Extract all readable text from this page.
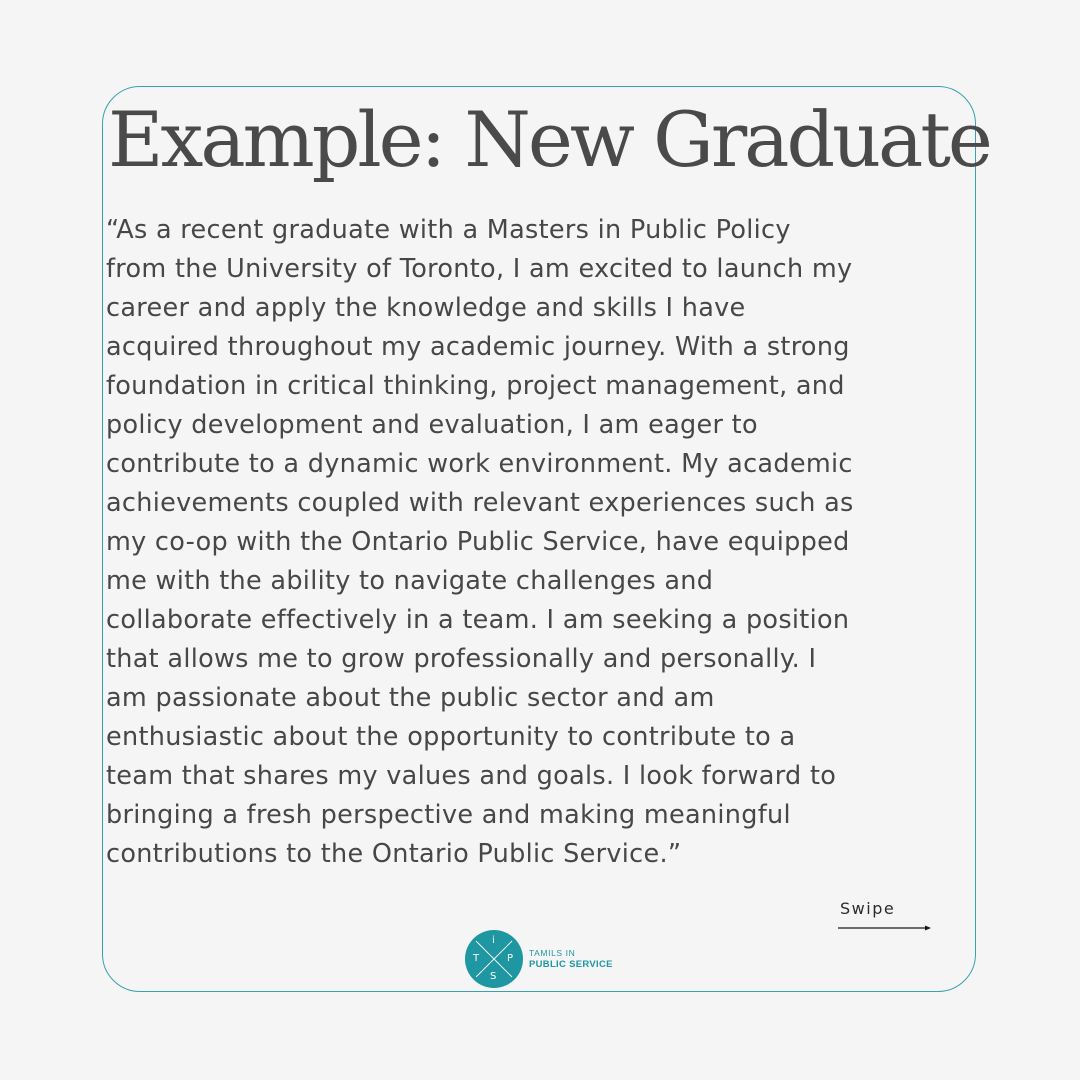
Example: New Graduate

“As a recent graduate with a Masters in Public Policy
from the University of Toronto, I am excited to launch my
career and apply the knowledge and skills I have
acquired throughout my academic journey. With a strong
foundation in critical thinking, project management, and
policy development and evaluation, I am eager to
contribute to a dynamic work environment. My academic
achievements coupled with relevant experiences such as
my co-op with the Ontario Public Service, have equipped
me with the ability to navigate challenges and
collaborate effectively in a team. I am seeking a position
that allows me to grow professionally and personally. I
am passionate about the public sector and am
enthusiastic about the opportunity to contribute to a
team that shares my values and goals. I look forward to
bringing a fresh perspective and making meaningful
contributions to the Ontario Public Service.”

Swipe
i
T	P
S
TAMILS IN
PUBLIC SERVICE
